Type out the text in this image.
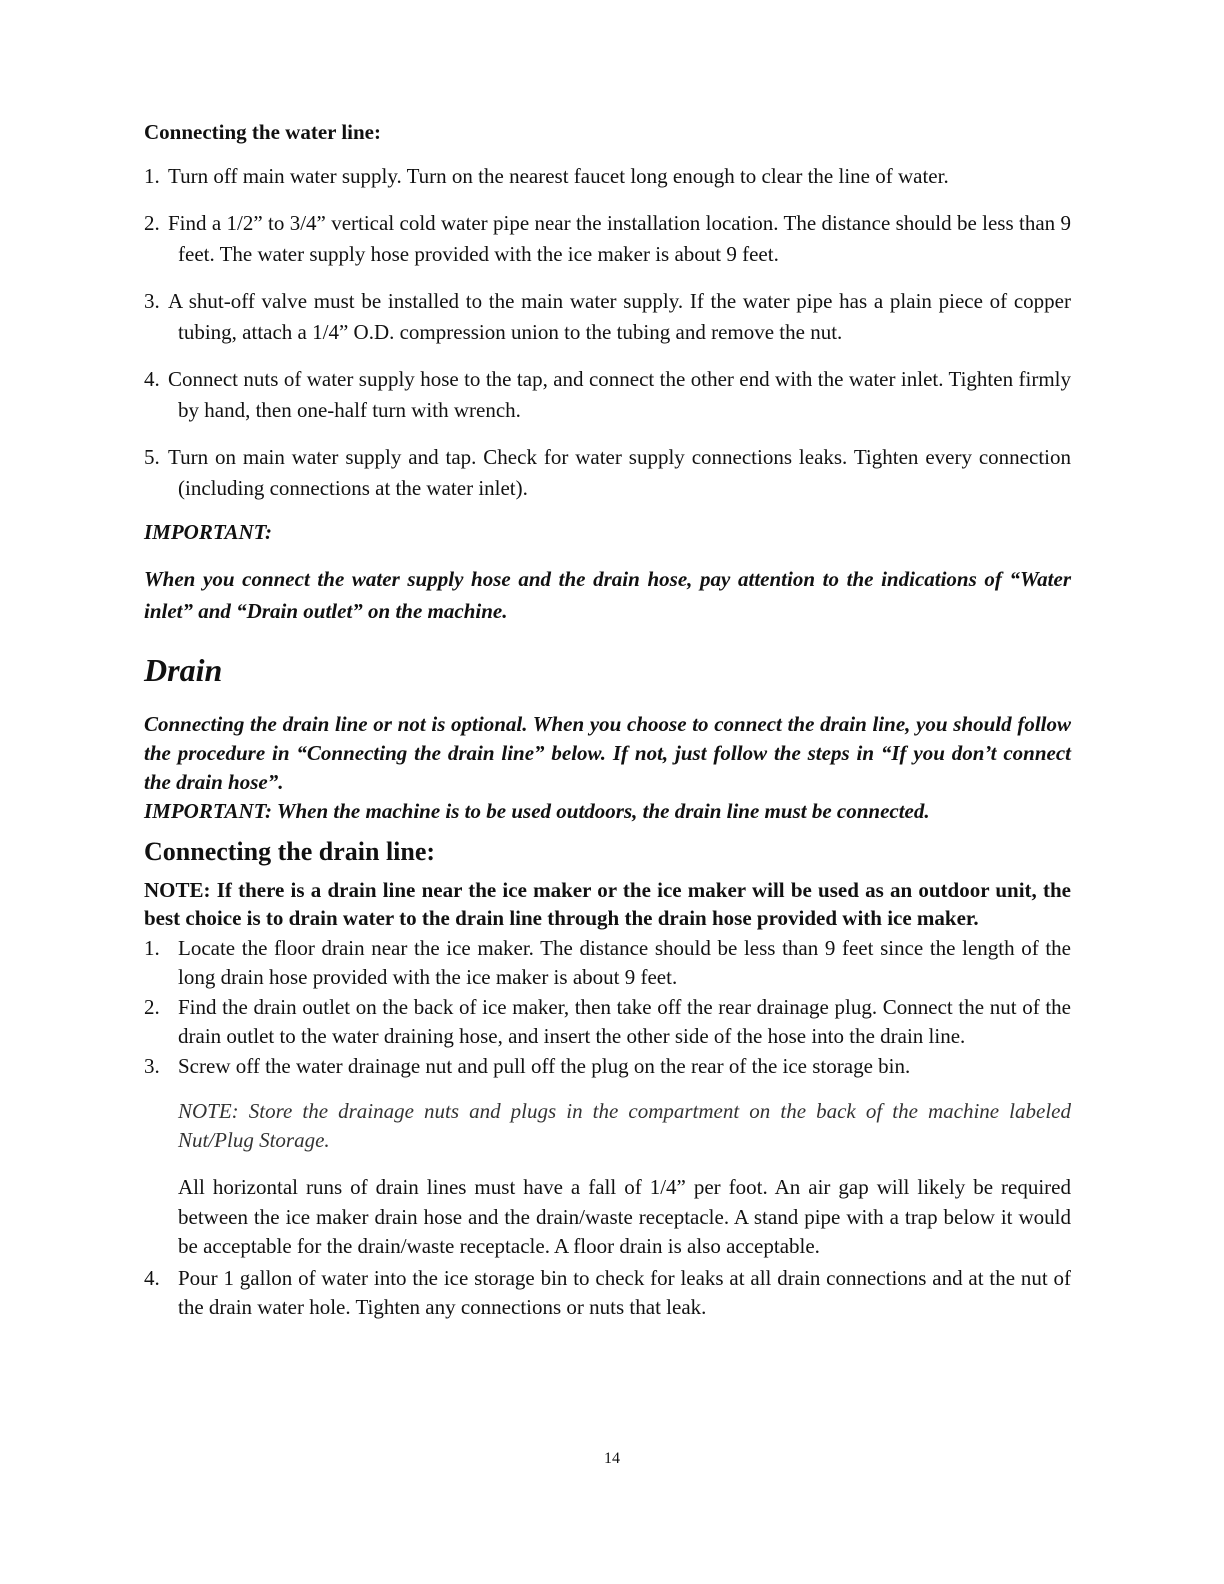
Connecting the water line:
1. Turn off main water supply. Turn on the nearest faucet long enough to clear the line of water.
2. Find a 1/2” to 3/4” vertical cold water pipe near the installation location. The distance should be less than 9 feet. The water supply hose provided with the ice maker is about 9 feet.
3. A shut-off valve must be installed to the main water supply. If the water pipe has a plain piece of copper tubing, attach a 1/4” O.D. compression union to the tubing and remove the nut.
4. Connect nuts of water supply hose to the tap, and connect the other end with the water inlet. Tighten firmly by hand, then one-half turn with wrench.
5. Turn on main water supply and tap. Check for water supply connections leaks. Tighten every connection (including connections at the water inlet).
IMPORTANT:

When you connect the water supply hose and the drain hose, pay attention to the indications of “Water inlet” and “Drain outlet” on the machine.

Drain

Connecting the drain line or not is optional. When you choose to connect the drain line, you should follow the procedure in “Connecting the drain line” below. If not, just follow the steps in “If you don’t connect the drain hose”.

IMPORTANT: When the machine is to be used outdoors, the drain line must be connected.

Connecting the drain line:

NOTE: If there is a drain line near the ice maker or the ice maker will be used as an outdoor unit, the best choice is to drain water to the drain line through the drain hose provided with ice maker.

1. Locate the floor drain near the ice maker. The distance should be less than 9 feet since the length of the long drain hose provided with the ice maker is about 9 feet.
2. Find the drain outlet on the back of ice maker, then take off the rear drainage plug. Connect the nut of the drain outlet to the water draining hose, and insert the other side of the hose into the drain line.
3. Screw off the water drainage nut and pull off the plug on the rear of the ice storage bin.

NOTE: Store the drainage nuts and plugs in the compartment on the back of the machine labeled Nut/Plug Storage.

All horizontal runs of drain lines must have a fall of 1/4” per foot. An air gap will likely be required between the ice maker drain hose and the drain/waste receptacle. A stand pipe with a trap below it would be acceptable for the drain/waste receptacle. A floor drain is also acceptable.

4. Pour 1 gallon of water into the ice storage bin to check for leaks at all drain connections and at the nut of the drain water hole. Tighten any connections or nuts that leak.
14
